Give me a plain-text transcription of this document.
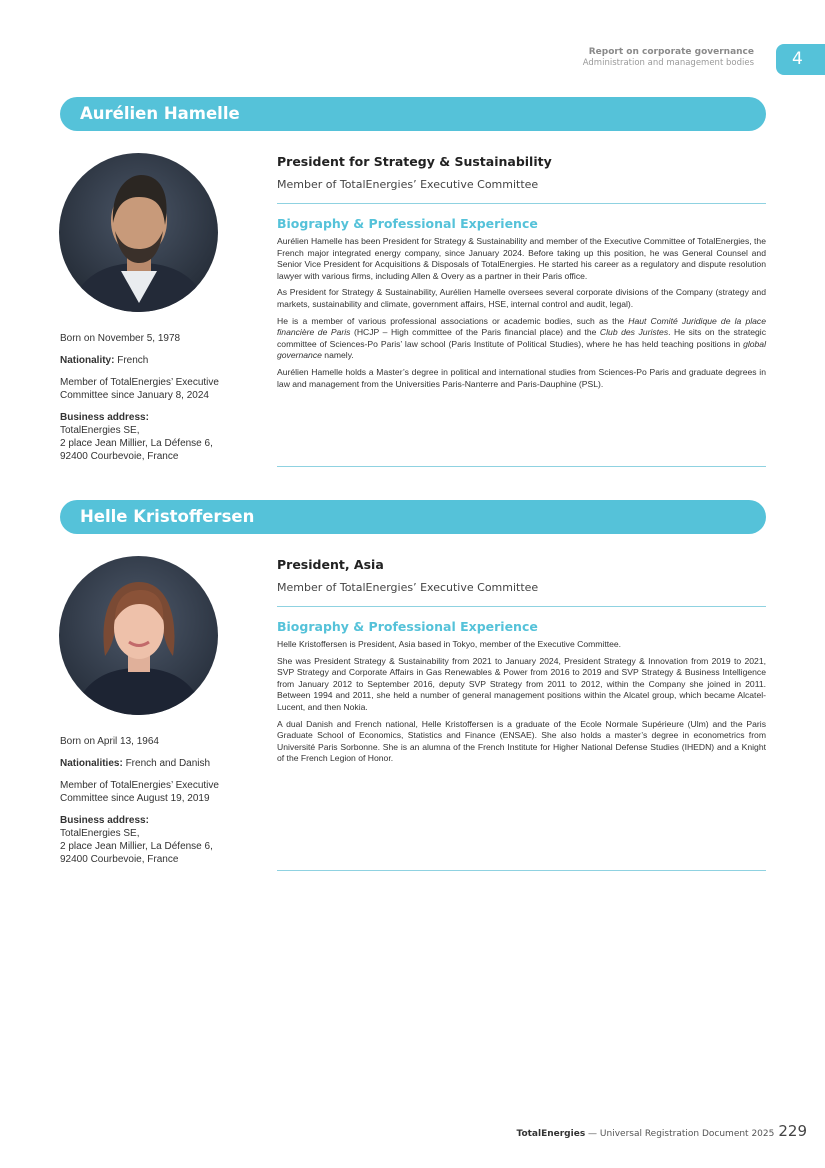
Report on corporate governance
Administration and management bodies	4
Aurélien Hamelle

Born on November 5, 1978

Nationality: French

Member of TotalEnergies’ Executive Committee since January 8, 2024

Business address:
TotalEnergies SE,
2 place Jean Millier, La Défense 6,
92400 Courbevoie, France

President for Strategy & Sustainability

Member of TotalEnergies’ Executive Committee

Biography & Professional Experience

Aurélien Hamelle has been President for Strategy & Sustainability and member of the Executive Committee of TotalEnergies, the French major integrated energy company, since January 2024. Before taking up this position, he was General Counsel and Senior Vice President for Acquisitions & Disposals of TotalEnergies. He started his career as a regulatory and dispute resolution lawyer with various firms, including Allen & Overy as a partner in their Paris office.

As President for Strategy & Sustainability, Aurélien Hamelle oversees several corporate divisions of the Company (strategy and markets, sustainability and climate, government affairs, HSE, internal control and audit, legal).

He is a member of various professional associations or academic bodies, such as the Haut Comité Juridique de la place financière de Paris (HCJP – High committee of the Paris financial place) and the Club des Juristes. He sits on the strategic committee of Sciences-Po Paris’ law school (Paris Institute of Political Studies), where he has held teaching positions in global governance namely.

Aurélien Hamelle holds a Master’s degree in political and international studies from Sciences-Po Paris and graduate degrees in law and management from the Universities Paris-Nanterre and Paris-Dauphine (PSL).

Helle Kristoffersen

Born on April 13, 1964

Nationalities: French and Danish

Member of TotalEnergies’ Executive Committee since August 19, 2019

Business address:
TotalEnergies SE,
2 place Jean Millier, La Défense 6,
92400 Courbevoie, France

President, Asia

Member of TotalEnergies’ Executive Committee

Biography & Professional Experience

Helle Kristoffersen is President, Asia based in Tokyo, member of the Executive Committee.

She was President Strategy & Sustainability from 2021 to January 2024, President Strategy & Innovation from 2019 to 2021, SVP Strategy and Corporate Affairs in Gas Renewables & Power from 2016 to 2019 and SVP Strategy & Business Intelligence from January 2012 to September 2016, deputy SVP Strategy from 2011 to 2012, within the Company she joined in 2011. Between 1994 and 2011, she held a number of general management positions within the Alcatel group, which became Alcatel-Lucent, and then Nokia.

A dual Danish and French national, Helle Kristoffersen is a graduate of the Ecole Normale Supérieure (Ulm) and the Paris Graduate School of Economics, Statistics and Finance (ENSAE). She also holds a master’s degree in econometrics from Université Paris Sorbonne. She is an alumna of the French Institute for Higher National Defense Studies (IHEDN) and a Knight of the French Legion of Honor.

TotalEnergies — Universal Registration Document 2025 229
